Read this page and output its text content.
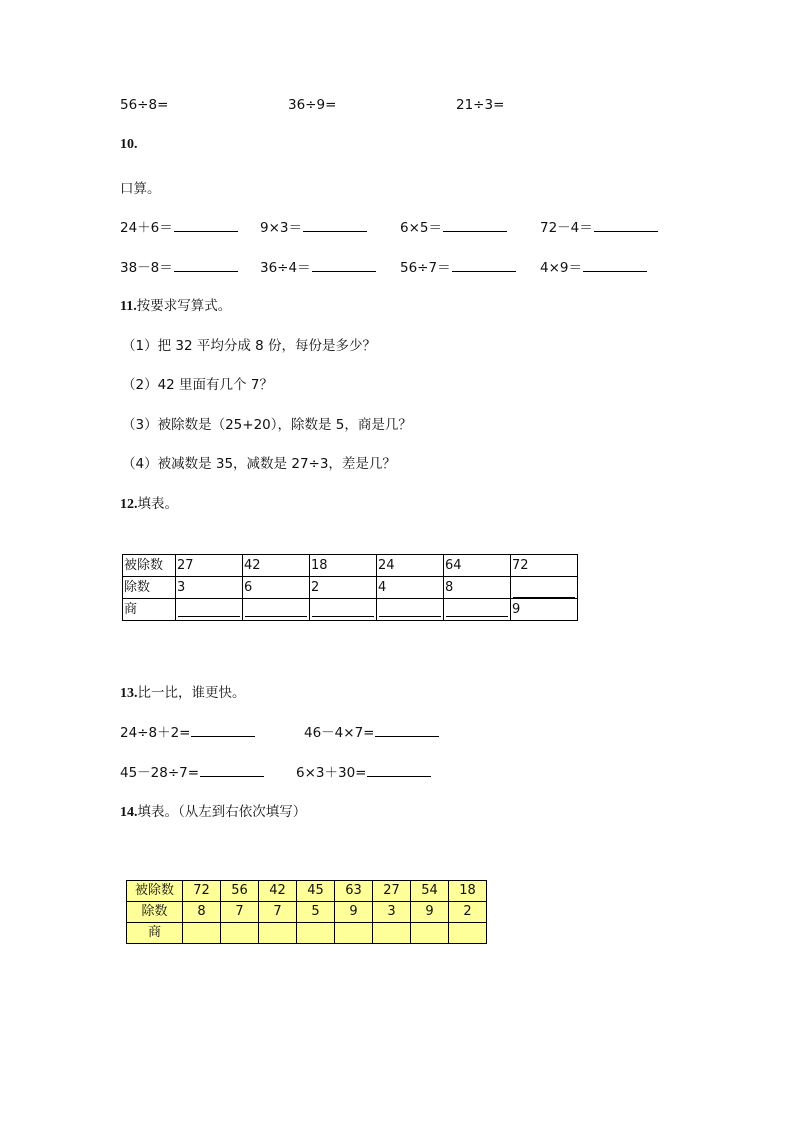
56÷8=	36÷9=	21÷3=
10.
口算。
24＋6＝	9×3＝	6×5＝	72－4＝
38－8＝	36÷4＝	56÷7＝	4×9＝
11.按要求写算式。
（1）把 32 平均分成 8 份，每份是多少？
（2）42 里面有几个 7？
（3）被除数是（25+20），除数是 5，商是几？
（4）被减数是 35，减数是 27÷3，差是几？
12.填表。
被除数	27	42	18	24	64	72
除数	3	6	2	4	8	

商						9
13.比一比，谁更快。
24÷8＋2=	46－4×7=
45－28÷7=	6×3＋30=
14.填表。（从左到右依次填写）
被除数	72	56	42	45	63	27	54	18
除数	8	7	7	5	9	3	9	2
商								
